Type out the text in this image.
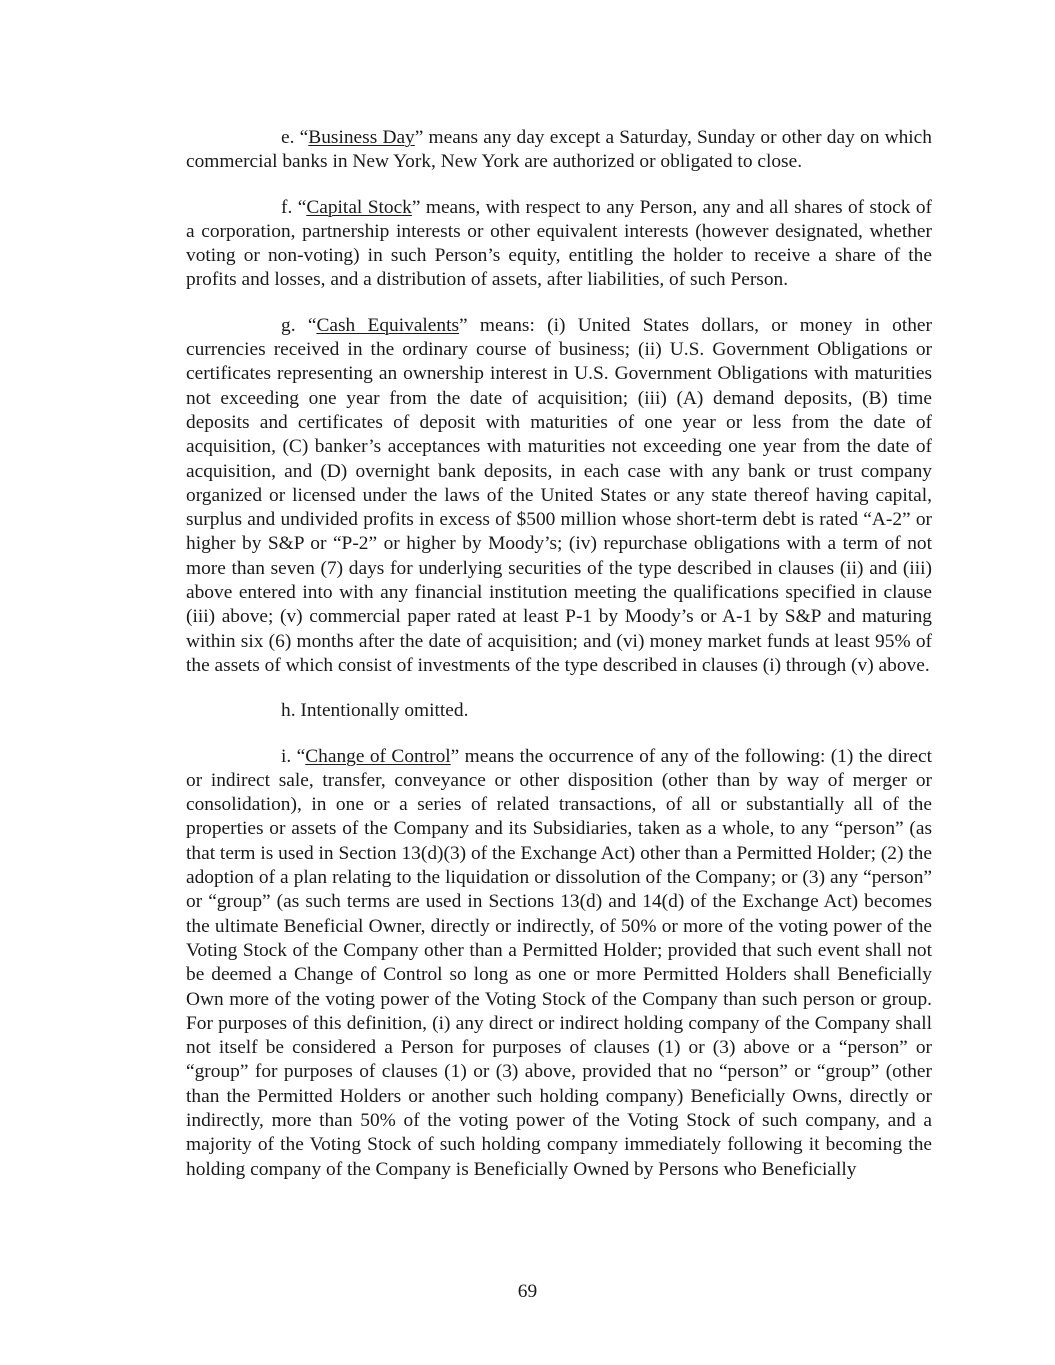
e. “Business Day” means any day except a Saturday, Sunday or other day on which commercial banks in New York, New York are authorized or obligated to close.

f. “Capital Stock” means, with respect to any Person, any and all shares of stock of a corporation, partnership interests or other equivalent interests (however designated, whether voting or non-voting) in such Person’s equity, entitling the holder to receive a share of the profits and losses, and a distribution of assets, after liabilities, of such Person.

g. “Cash Equivalents” means: (i) United States dollars, or money in other currencies received in the ordinary course of business; (ii) U.S. Government Obligations or certificates representing an ownership interest in U.S. Government Obligations with maturities not exceeding one year from the date of acquisition; (iii) (A) demand deposits, (B) time deposits and certificates of deposit with maturities of one year or less from the date of acquisition, (C) banker’s acceptances with maturities not exceeding one year from the date of acquisition, and (D) overnight bank deposits, in each case with any bank or trust company organized or licensed under the laws of the United States or any state thereof having capital, surplus and undivided profits in excess of $500 million whose short-term debt is rated “A-2” or higher by S&P or “P-2” or higher by Moody’s; (iv) repurchase obligations with a term of not more than seven (7) days for underlying securities of the type described in clauses (ii) and (iii) above entered into with any financial institution meeting the qualifications specified in clause (iii) above; (v) commercial paper rated at least P-1 by Moody’s or A-1 by S&P and maturing within six (6) months after the date of acquisition; and (vi) money market funds at least 95% of the assets of which consist of investments of the type described in clauses (i) through (v) above.

h. Intentionally omitted.

i. “Change of Control” means the occurrence of any of the following: (1) the direct or indirect sale, transfer, conveyance or other disposition (other than by way of merger or consolidation), in one or a series of related transactions, of all or substantially all of the properties or assets of the Company and its Subsidiaries, taken as a whole, to any “person” (as that term is used in Section 13(d)(3) of the Exchange Act) other than a Permitted Holder; (2) the adoption of a plan relating to the liquidation or dissolution of the Company; or (3) any “person” or “group” (as such terms are used in Sections 13(d) and 14(d) of the Exchange Act) becomes the ultimate Beneficial Owner, directly or indirectly, of 50% or more of the voting power of the Voting Stock of the Company other than a Permitted Holder; provided that such event shall not be deemed a Change of Control so long as one or more Permitted Holders shall Beneficially Own more of the voting power of the Voting Stock of the Company than such person or group. For purposes of this definition, (i) any direct or indirect holding company of the Company shall not itself be considered a Person for purposes of clauses (1) or (3) above or a “person” or “group” for purposes of clauses (1) or (3) above, provided that no “person” or “group” (other than the Permitted Holders or another such holding company) Beneficially Owns, directly or indirectly, more than 50% of the voting power of the Voting Stock of such company, and a majority of the Voting Stock of such holding company immediately following it becoming the holding company of the Company is Beneficially Owned by Persons who Beneficially

69
